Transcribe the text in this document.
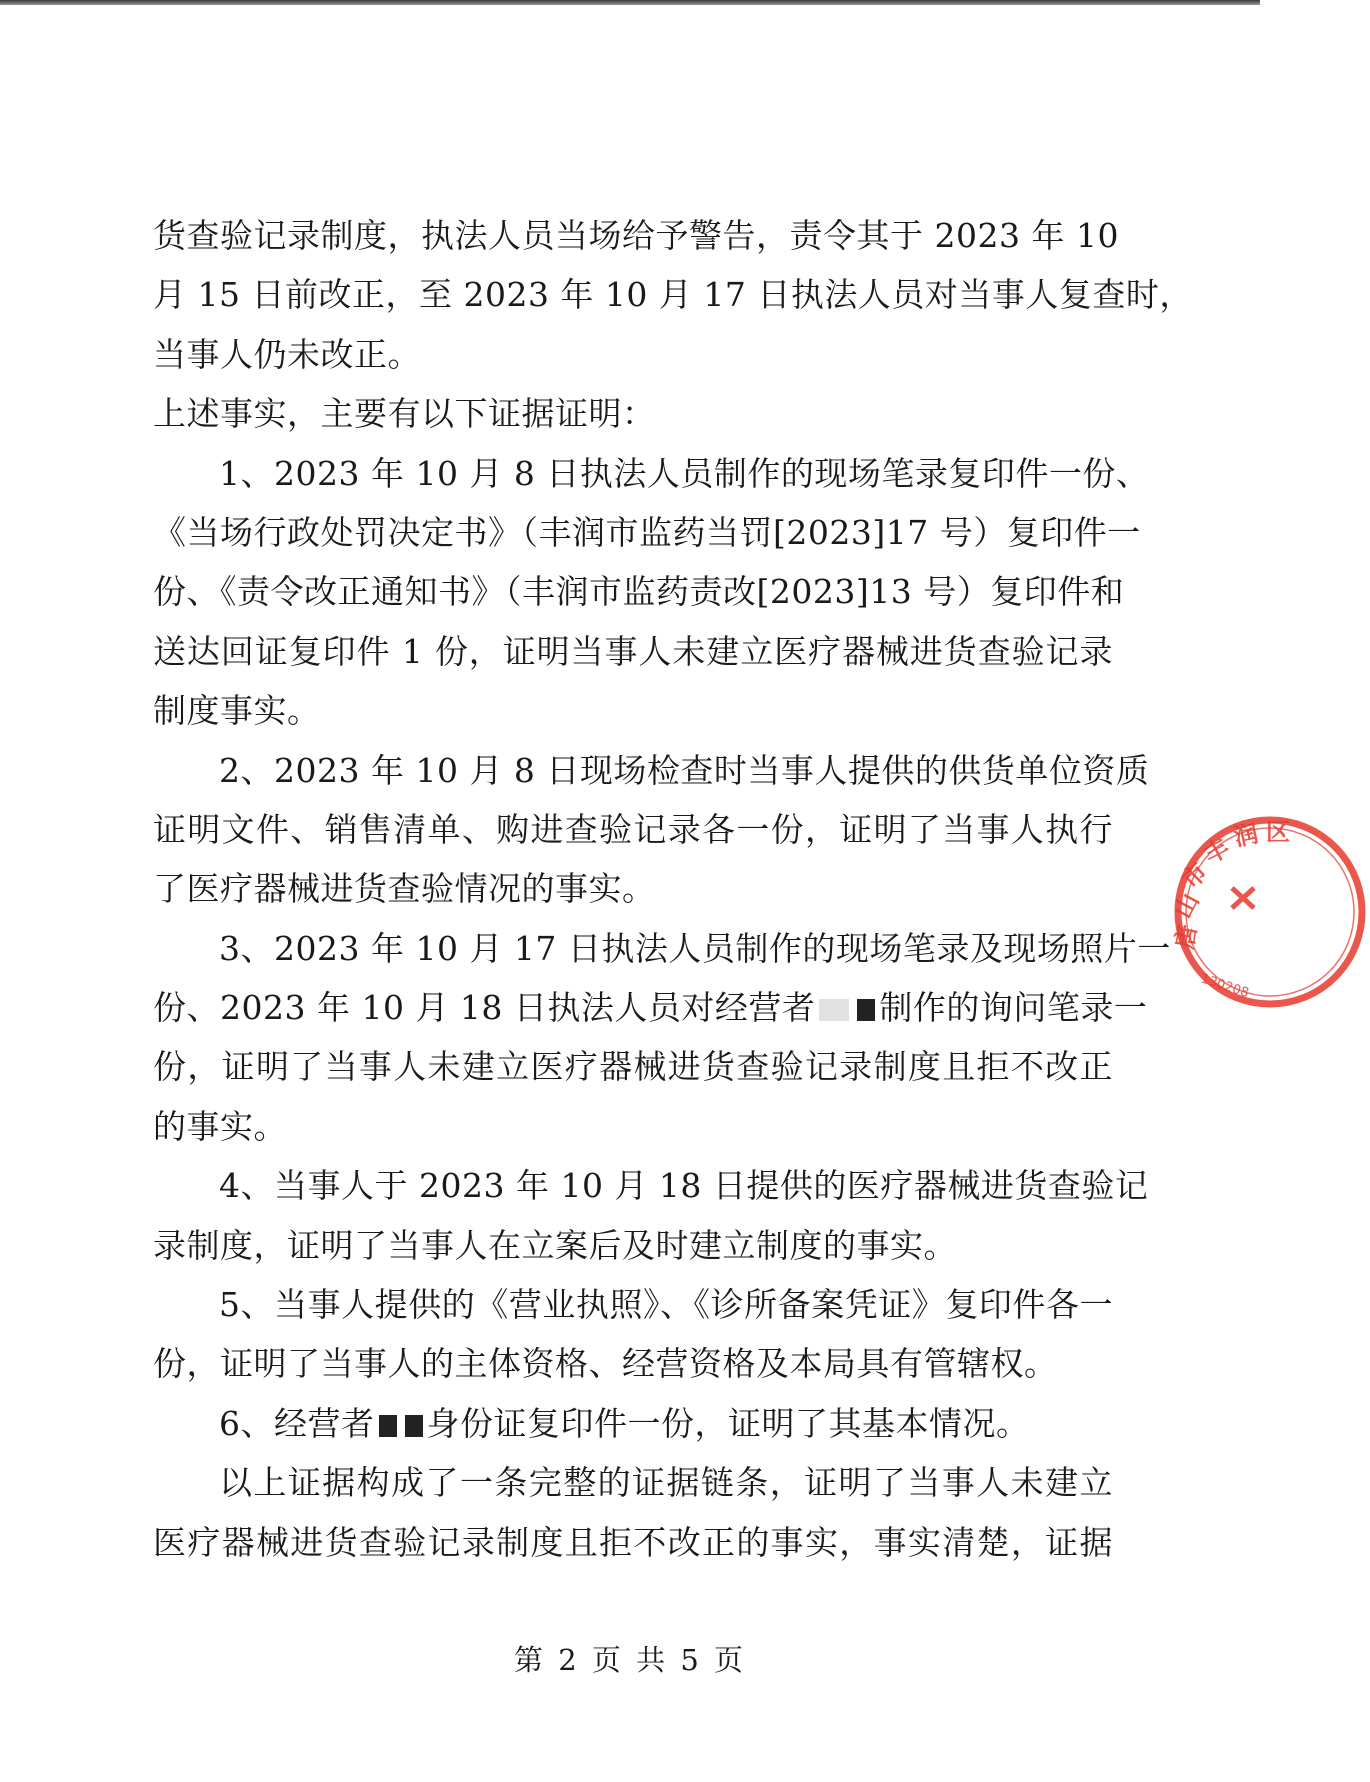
货查验记录制度，执法人员当场给予警告，责令其于 2023 年 10
月 15 日前改正，至 2023 年 10 月 17 日执法人员对当事人复查时，
当事人仍未改正。
上述事实，主要有以下证据证明：
1、2023 年 10 月 8 日执法人员制作的现场笔录复印件一份、
《当场行政处罚决定书》（丰润市监药当罚[2023]17 号）复印件一
份、《责令改正通知书》（丰润市监药责改[2023]13 号）复印件和
送达回证复印件 1 份，证明当事人未建立医疗器械进货查验记录
制度事实。
2、2023 年 10 月 8 日现场检查时当事人提供的供货单位资质
证明文件、销售清单、购进查验记录各一份，证明了当事人执行
了医疗器械进货查验情况的事实。
3、2023 年 10 月 17 日执法人员制作的现场笔录及现场照片一
份、2023 年 10 月 18 日执法人员对经营者 制作的询问笔录一
份，证明了当事人未建立医疗器械进货查验记录制度且拒不改正
的事实。
4、当事人于 2023 年 10 月 18 日提供的医疗器械进货查验记
录制度，证明了当事人在立案后及时建立制度的事实。
5、当事人提供的《营业执照》、《诊所备案凭证》复印件各一
份，证明了当事人的主体资格、经营资格及本局具有管辖权。
6、经营者 身份证复印件一份，证明了其基本情况。
以上证据构成了一条完整的证据链条，证明了当事人未建立
医疗器械进货查验记录制度且拒不改正的事实，事实清楚，证据
唐
山
市
丰
润 区
130208
第 2 页 共 5 页
